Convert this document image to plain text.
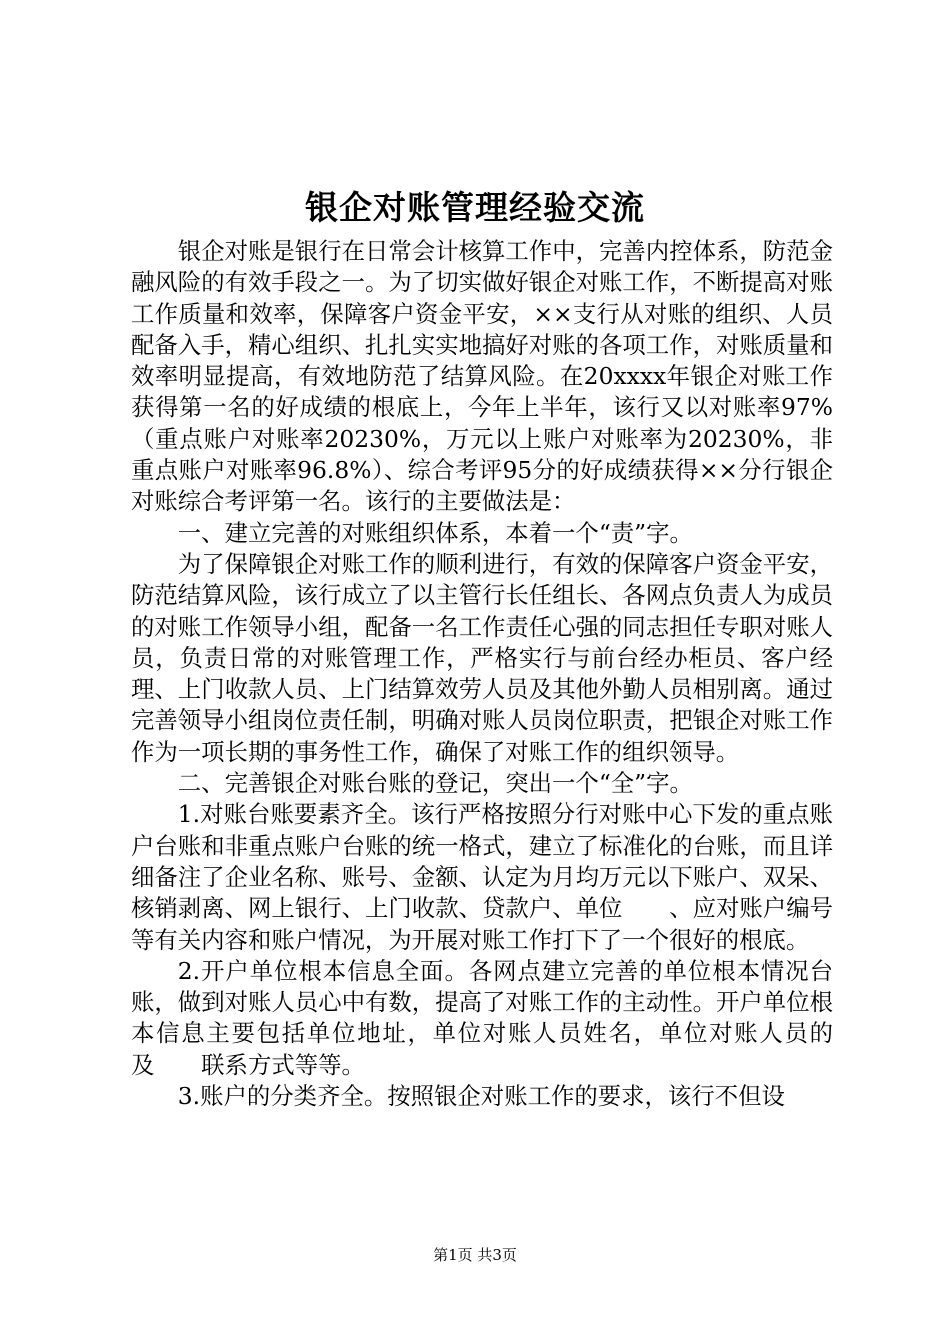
银企对账管理经验交流

银企对账是银行在日常会计核算工作中，完善内控体系，防范金融风险的有效手段之一。为了切实做好银企对账工作，不断提高对账工作质量和效率，保障客户资金平安，××支行从对账的组织、人员配备入手，精心组织、扎扎实实地搞好对账的各项工作，对账质量和效率明显提高，有效地防范了结算风险。在20xxxx年银企对账工作获得第一名的好成绩的根底上，今年上半年，该行又以对账率97%（重点账户对账率20230%，万元以上账户对账率为20230%，非重点账户对账率96.8%）、综合考评95分的好成绩获得××分行银企对账综合考评第一名。该行的主要做法是：

一、建立完善的对账组织体系，本着一个“责”字。

为了保障银企对账工作的顺利进行，有效的保障客户资金平安，防范结算风险，该行成立了以主管行长任组长、各网点负责人为成员的对账工作领导小组，配备一名工作责任心强的同志担任专职对账人员，负责日常的对账管理工作，严格实行与前台经办柜员、客户经理、上门收款人员、上门结算效劳人员及其他外勤人员相别离。通过完善领导小组岗位责任制，明确对账人员岗位职责，把银企对账工作作为一项长期的事务性工作，确保了对账工作的组织领导。

二、完善银企对账台账的登记，突出一个“全”字。

1.对账台账要素齐全。该行严格按照分行对账中心下发的重点账户台账和非重点账户台账的统一格式，建立了标准化的台账，而且详细备注了企业名称、账号、金额、认定为月均万元以下账户、双呆、核销剥离、网上银行、上门收款、贷款户、单位　　、应对账户编号等有关内容和账户情况，为开展对账工作打下了一个很好的根底。

2.开户单位根本信息全面。各网点建立完善的单位根本情况台账，做到对账人员心中有数，提高了对账工作的主动性。开户单位根本信息主要包括单位地址，单位对账人员姓名，单位对账人员的　　及　　联系方式等等。

3.账户的分类齐全。按照银企对账工作的要求，该行不但设

第1页 共3页
